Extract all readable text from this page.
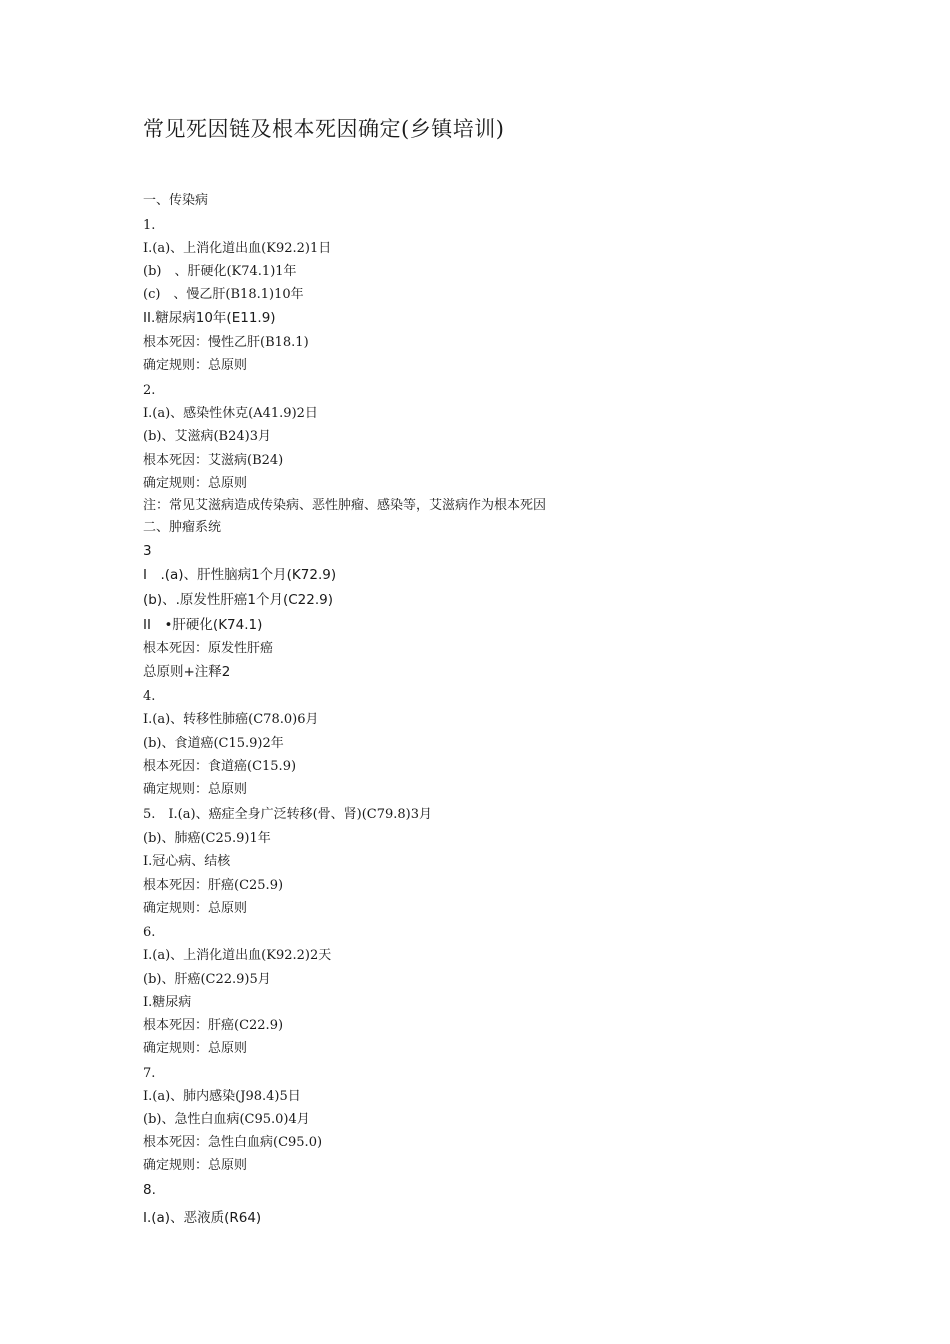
常见死因链及根本死因确定(乡镇培训)
一、传染病
1.
I.(a)、上消化道出血(K92.2)1日
(b)　、肝硬化(K74.1)1年
(c)　、慢乙肝(B18.1)10年
II.糖尿病10年(E11.9)
根本死因：慢性乙肝(B18.1)
确定规则：总原则
2.
I.(a)、感染性休克(A41.9)2日
(b)、艾滋病(B24)3月
根本死因：艾滋病(B24)
确定规则：总原则
注：常见艾滋病造成传染病、恶性肿瘤、感染等，艾滋病作为根本死因
二、肿瘤系统
3
I　.(a)、肝性脑病1个月(K72.9)
(b)、.原发性肝癌1个月(C22.9)
II　•肝硬化(K74.1)
根本死因：原发性肝癌
总原则+注释2
4.
I.(a)、转移性肺癌(C78.0)6月
(b)、食道癌(C15.9)2年
根本死因：食道癌(C15.9)
确定规则：总原则
5.　I.(a)、癌症全身广泛转移(骨、肾)(C79.8)3月
(b)、肺癌(C25.9)1年
I.冠心病、结核
根本死因：肝癌(C25.9)
确定规则：总原则
6.
I.(a)、上消化道出血(K92.2)2天
(b)、肝癌(C22.9)5月
I.糖尿病
根本死因：肝癌(C22.9)
确定规则：总原则
7.
I.(a)、肺内感染(J98.4)5日
(b)、急性白血病(C95.0)4月
根本死因：急性白血病(C95.0)
确定规则：总原则
8.
I.(a)、恶液质(R64)
